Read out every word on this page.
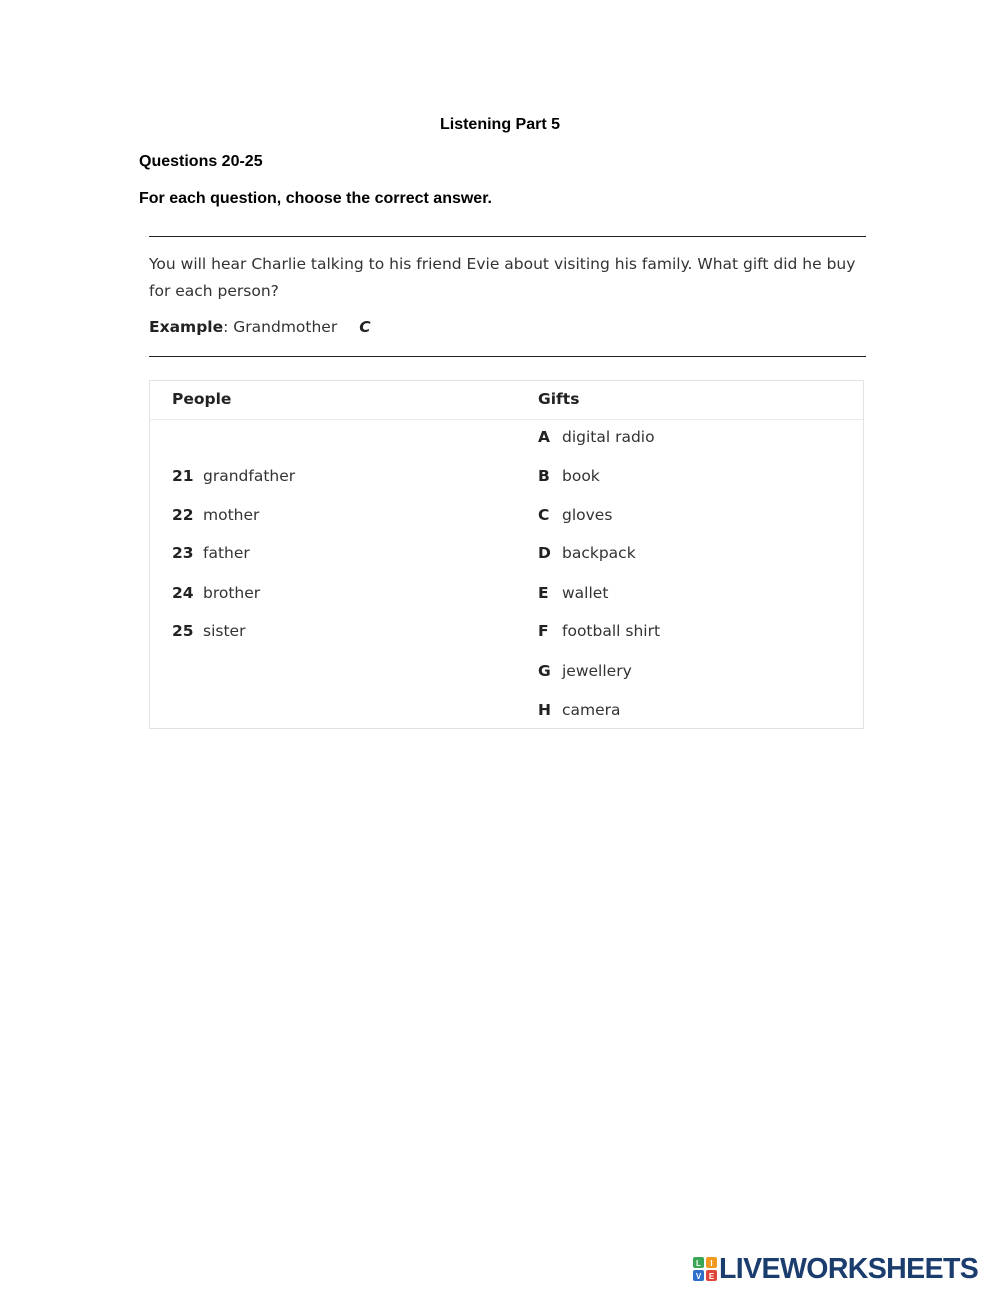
Listening Part 5
Questions 20-25
For each question, choose the correct answer.
You will hear Charlie talking to his friend Evie about visiting his family. What gift did he buy for each person?
Example: Grandmother C
People	Gifts
21 grandfather
22 mother
23 father
24 brother
25 sister
A digital radio
B book
C gloves
D backpack
E wallet
F football shirt
G jewellery
H camera
L I
V E LIVEWORKSHEETS
